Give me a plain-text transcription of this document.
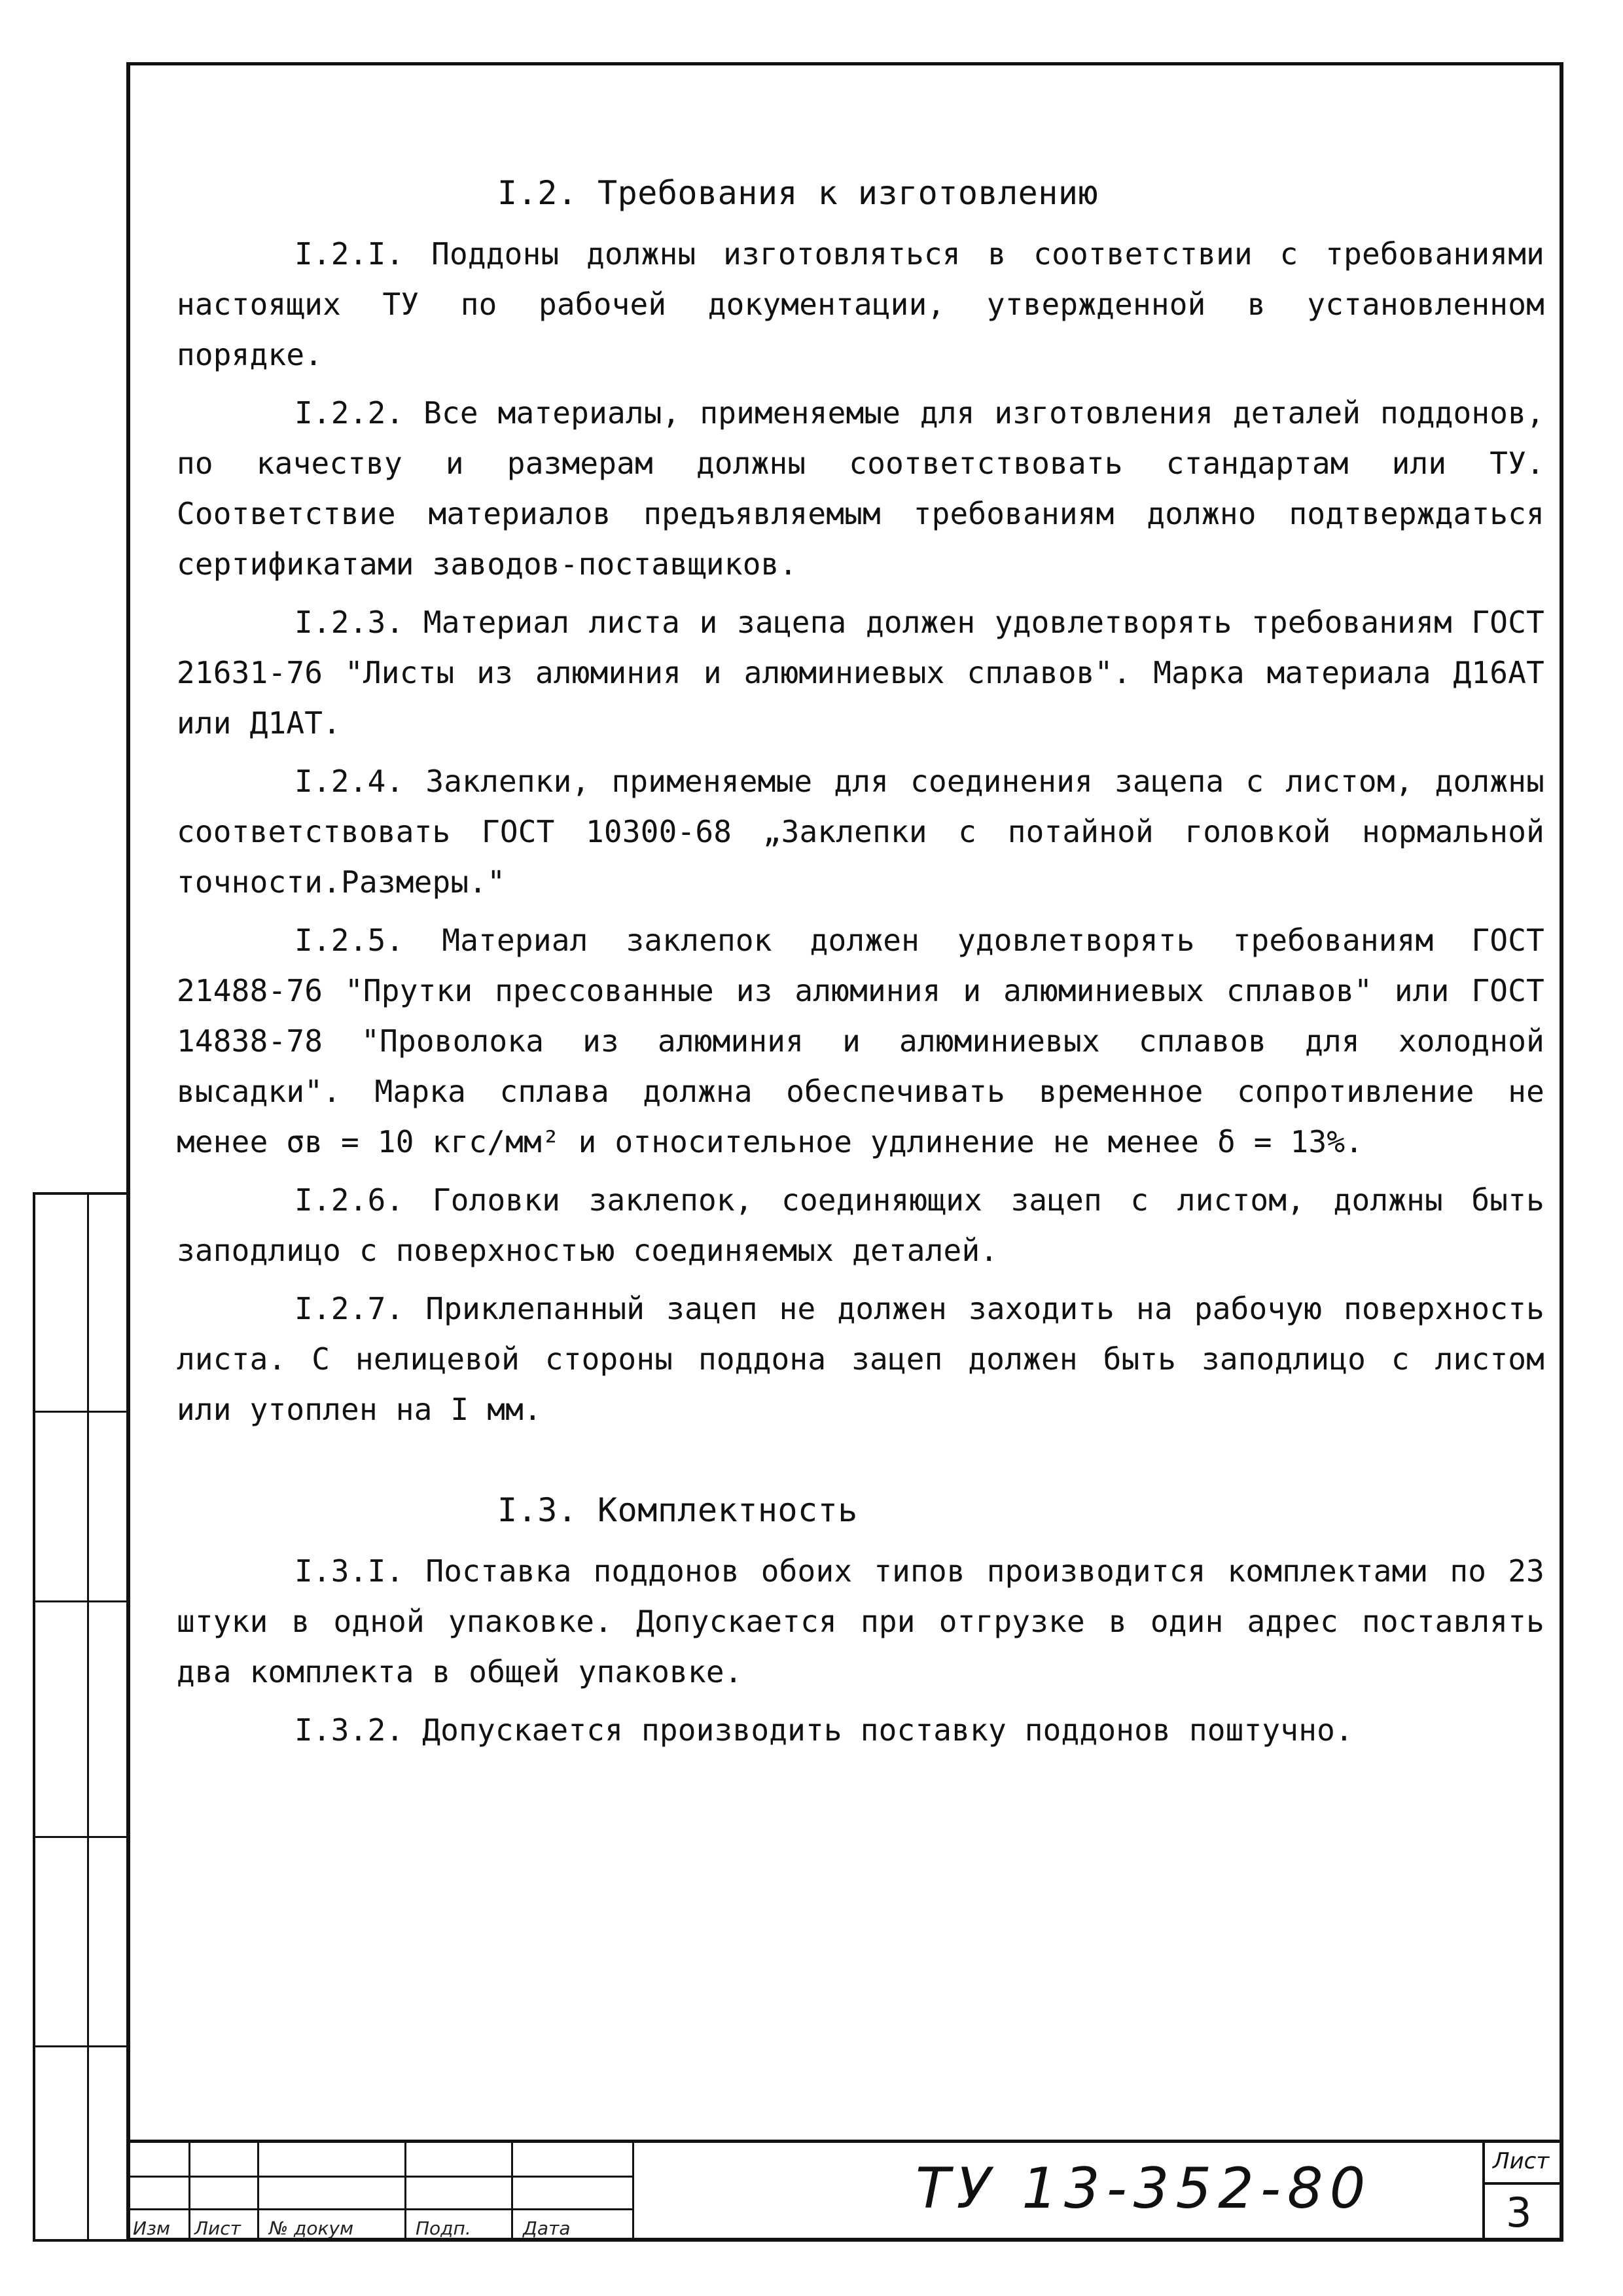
I.2. Требования к изготовлению

I.2.I. Поддоны должны изготовляться в соответствии с требованиями настоящих ТУ по рабочей документации, утвержденной в установленном порядке.

I.2.2. Все материалы, применяемые для изготовления деталей поддонов, по качеству и размерам должны соответствовать стандартам или ТУ. Соответствие материалов предъявляемым требованиям должно подтверждаться сертификатами заводов-поставщиков.

I.2.3. Материал листа и зацепа должен удовлетворять требованиям ГОСТ 21631-76 "Листы из алюминия и алюминиевых сплавов". Марка материала Д16АТ или Д1АТ.

I.2.4. Заклепки, применяемые для соединения зацепа с листом, должны соответствовать ГОСТ 10300-68 „Заклепки с потайной головкой нормальной точности.Размеры."

I.2.5. Материал заклепок должен удовлетворять требованиям ГОСТ 21488-76 "Прутки прессованные из алюминия и алюминиевых сплавов" или ГОСТ 14838-78 "Проволока из алюминия и алюминиевых сплавов для холодной высадки". Марка сплава должна обеспечивать временное сопротивление не менее σв = 10 кгс/мм² и относительное удлинение не менее δ = 13%.

I.2.6. Головки заклепок, соединяющих зацеп с листом, должны быть заподлицо с поверхностью соединяемых деталей.

I.2.7. Приклепанный зацеп не должен заходить на рабочую поверхность листа. С нелицевой стороны поддона зацеп должен быть заподлицо с листом или утоплен на I мм.

I.3. Комплектность

I.3.I. Поставка поддонов обоих типов производится комплектами по 23 штуки в одной упаковке. Допускается при отгрузке в один адрес поставлять два комплекта в общей упаковке.

I.3.2. Допускается производить поставку поддонов поштучно.

Изм Лист № докум	Подп.	Дата
ТУ 13-352-80	Лист
3
